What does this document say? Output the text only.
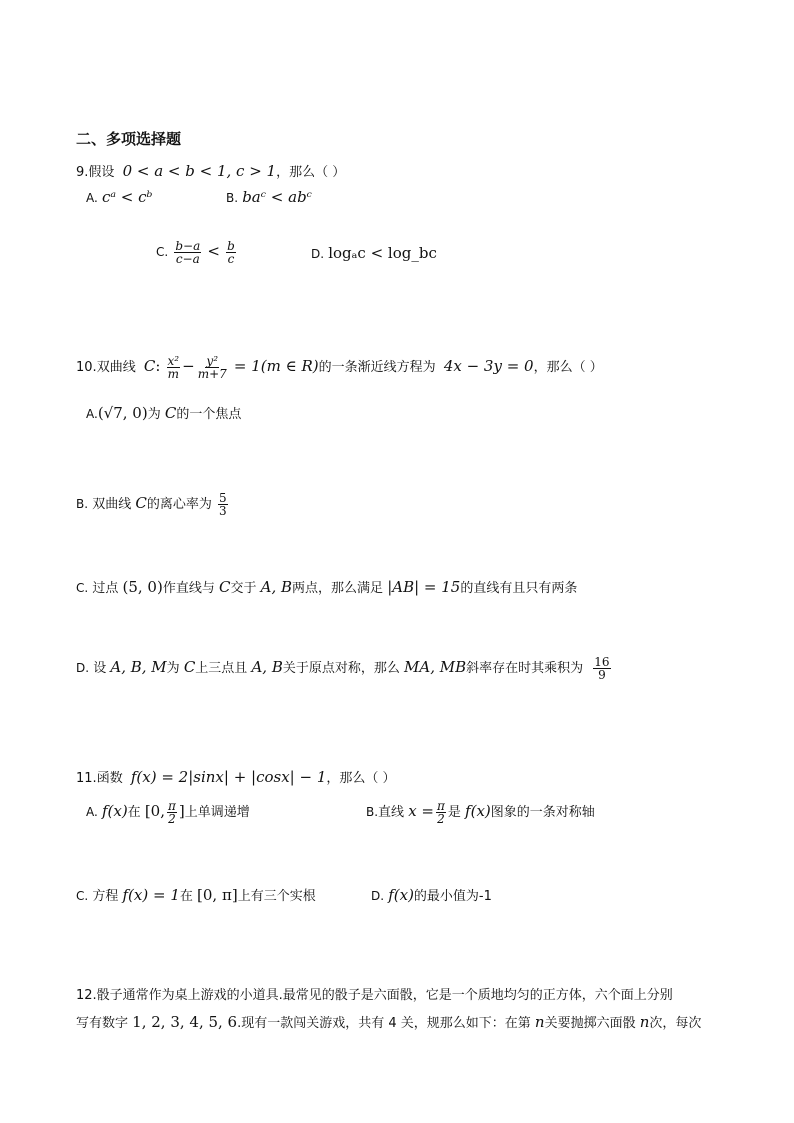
二、多项选择题
9.假设 0 < a < b < 1, c > 1，那么（ ）
A. cᵃ < cᵇ	B. baᶜ < abᶜ
C. $\frac{b-a}{c-a} < \frac{b}{c}$	D. logₐc < log_bc
10.双曲线 C: $\frac{\text{x²}}{m} - \frac{\text{y²}}{m+7} = 1(m$ ∈ R)的一条渐近线方程为 4x − 3y = 0，那么（ ）
A.(√7, 0)为 C的一个焦点
B. 双曲线 C的离心率为 $\frac{5}{3}$
C. 过点 (5, 0)作直线与 C交于 A, B两点，那么满足 |AB| = 15的直线有且只有两条
D. 设 A, B, M为 C上三点且 A, B关于原点对称，那么 MA, MB斜率存在时其乘积为 $\frac{16}{9}$
11.函数 f(x) = 2|sinx| + |cosx| − 1，那么（ ）
A. f(x)在 [0, $\frac{\pi}{2}$ ]上单调递增	B.直线 $x = \frac{\pi}{2}$ 是 f(x)图象的一条对称轴
C. 方程 f(x) = 1在 [0, π]上有三个实根	D. f(x)的最小值为-1
12.骰子通常作为桌上游戏的小道具.最常见的骰子是六面骰，它是一个质地均匀的正方体，六个面上分别
写有数字 1, 2, 3, 4, 5, 6.现有一款闯关游戏，共有 4 关，规那么如下：在第 n关要抛掷六面骰 n次，每次
